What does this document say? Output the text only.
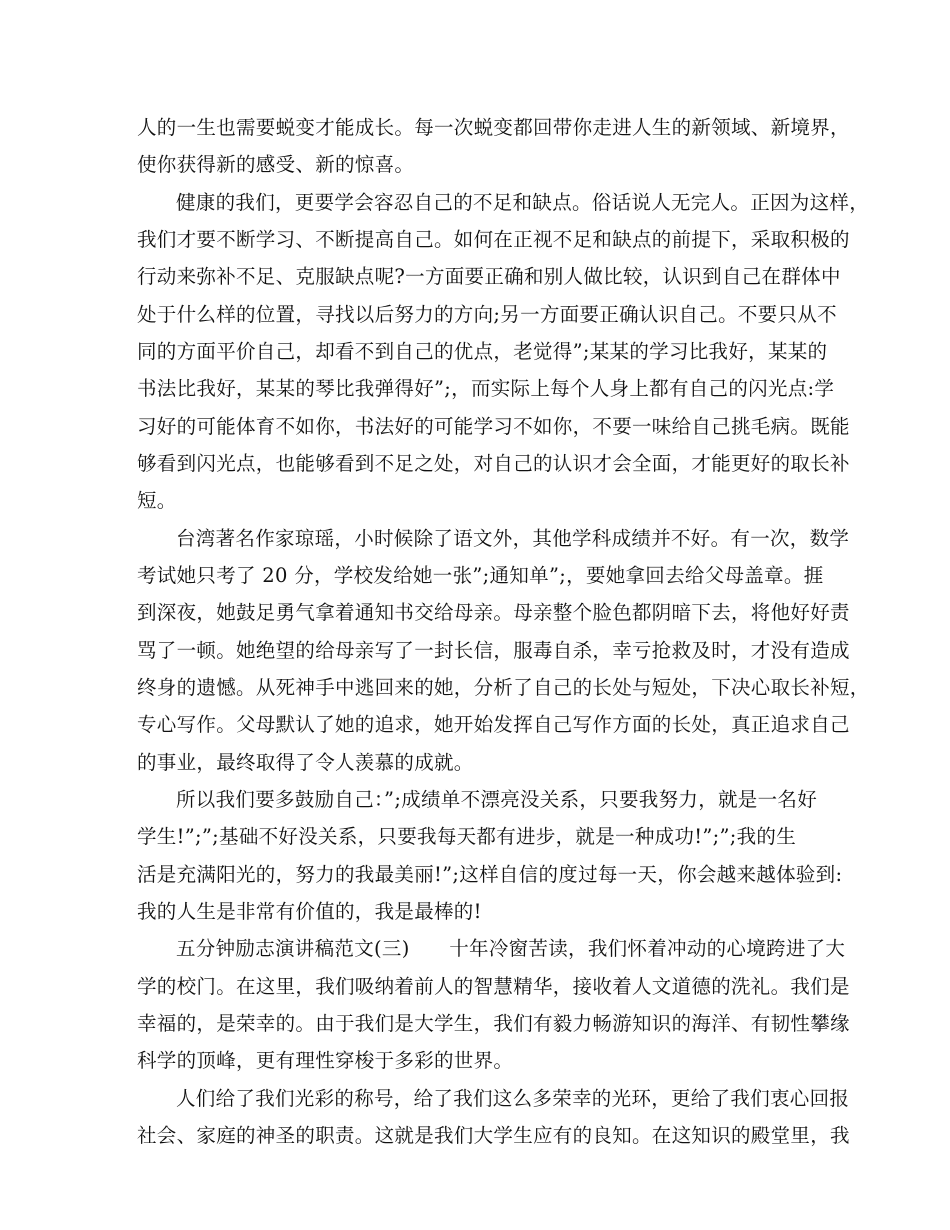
人的一生也需要蜕变才能成长。每一次蜕变都回带你走进人生的新领域、新境界，
使你获得新的感受、新的惊喜。
健康的我们，更要学会容忍自己的不足和缺点。俗话说人无完人。正因为这样，
我们才要不断学习、不断提高自己。如何在正视不足和缺点的前提下，采取积极的
行动来弥补不足、克服缺点呢?一方面要正确和别人做比较，认识到自己在群体中
处于什么样的位置，寻找以后努力的方向;另一方面要正确认识自己。不要只从不
同的方面平价自己，却看不到自己的优点，老觉得”;某某的学习比我好，某某的
书法比我好，某某的琴比我弹得好”;，而实际上每个人身上都有自己的闪光点:学
习好的可能体育不如你，书法好的可能学习不如你，不要一味给自己挑毛病。既能
够看到闪光点，也能够看到不足之处，对自己的认识才会全面，才能更好的取长补
短。
台湾著名作家琼瑶，小时候除了语文外，其他学科成绩并不好。有一次，数学
考试她只考了 20 分，学校发给她一张”;通知单”;，要她拿回去给父母盖章。捱
到深夜，她鼓足勇气拿着通知书交给母亲。母亲整个脸色都阴暗下去，将他好好责
骂了一顿。她绝望的给母亲写了一封长信，服毒自杀，幸亏抢救及时，才没有造成
终身的遗憾。从死神手中逃回来的她，分析了自己的长处与短处，下决心取长补短，
专心写作。父母默认了她的追求，她开始发挥自己写作方面的长处，真正追求自己
的事业，最终取得了令人羡慕的成就。
所以我们要多鼓励自己：”;成绩单不漂亮没关系，只要我努力，就是一名好
学生!”;”;基础不好没关系，只要我每天都有进步，就是一种成功!”;”;我的生
活是充满阳光的，努力的我最美丽!”;这样自信的度过每一天，你会越来越体验到:
我的人生是非常有价值的，我是最棒的!
五分钟励志演讲稿范文(三)　　十年冷窗苦读，我们怀着冲动的心境跨进了大
学的校门。在这里，我们吸纳着前人的智慧精华，接收着人文道德的洗礼。我们是
幸福的，是荣幸的。由于我们是大学生，我们有毅力畅游知识的海洋、有韧性攀缘
科学的顶峰，更有理性穿梭于多彩的世界。
人们给了我们光彩的称号，给了我们这么多荣幸的光环，更给了我们衷心回报
社会、家庭的神圣的职责。这就是我们大学生应有的良知。在这知识的殿堂里，我
